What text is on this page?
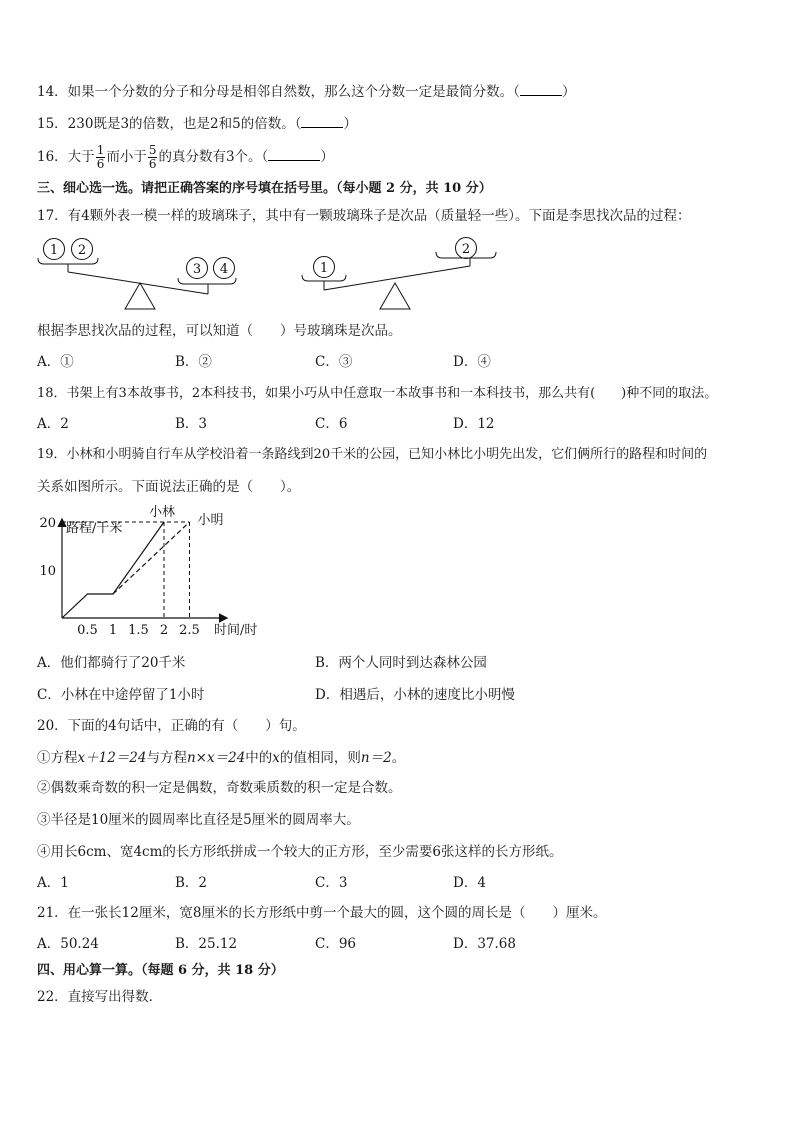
14．如果一个分数的分子和分母是相邻自然数，那么这个分数一定是最简分数。（	）
15．230既是3的倍数，也是2和5的倍数。（	）
16．大于 $\frac{1}{6}$ 而小于 $\frac{5}{6}$ 的真分数有3个。（	）
三、细心选一选。请把正确答案的序号填在括号里。（每小题 2 分，共 10 分）
17．有4颗外表一模一样的玻璃珠子，其中有一颗玻璃珠子是次品（质量轻一些）。下面是李思找次品的过程：
1 2
3 4	1
2
根据李思找次品的过程，可以知道（　　）号玻璃珠是次品。
A．①	B．②	C．③	D．④
18．书架上有3本故事书，2本科技书，如果小巧从中任意取一本故事书和一本科技书，那么共有(　　)种不同的取法。
A．2	B．3	C．6	D．12
19．小林和小明骑自行车从学校沿着一条路线到20千米的公园，已知小林比小明先出发，它们俩所行的路程和时间的
关系如图所示。下面说法正确的是（　　）。
0.5 1 1.5 2 2.5
10
20
小林
小明
路程/千米
时间/时
A．他们都骑行了20千米	B．两个人同时到达森林公园
C．小林在中途停留了1小时	D．相遇后，小林的速度比小明慢
20．下面的4句话中，正确的有（　　）句。
①方程x＋12＝24与方程n×x＝24中的x的值相同，则n＝2。
②偶数乘奇数的积一定是偶数，奇数乘质数的积一定是合数。
③半径是10厘米的圆周率比直径是5厘米的圆周率大。
④用长6cm、宽4cm的长方形纸拼成一个较大的正方形，至少需要6张这样的长方形纸。
A．1	B．2	C．3	D．4
21．在一张长12厘米，宽8厘米的长方形纸中剪一个最大的圆，这个圆的周长是（　　）厘米。
A．50.24	B．25.12	C．96	D．37.68
四、用心算一算。（每题 6 分，共 18 分）
22．直接写出得数．
